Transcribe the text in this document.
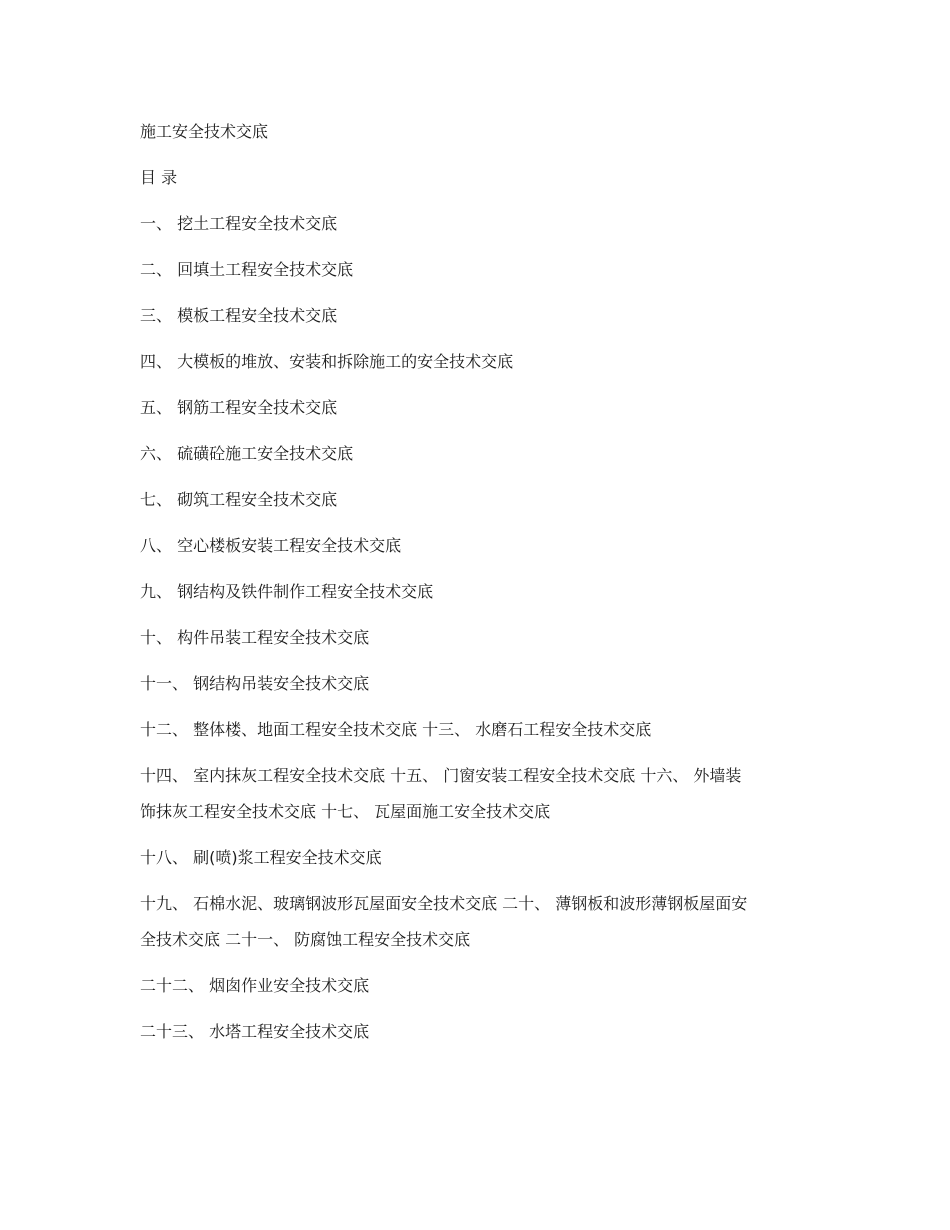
施工安全技术交底

目 录

一、 挖土工程安全技术交底

二、 回填土工程安全技术交底

三、 模板工程安全技术交底

四、 大模板的堆放、安装和拆除施工的安全技术交底

五、 钢筋工程安全技术交底

六、 硫磺砼施工安全技术交底

七、 砌筑工程安全技术交底

八、 空心楼板安装工程安全技术交底

九、 钢结构及铁件制作工程安全技术交底

十、 构件吊装工程安全技术交底

十一、 钢结构吊装安全技术交底

十二、 整体楼、地面工程安全技术交底 十三、 水磨石工程安全技术交底

十四、 室内抹灰工程安全技术交底 十五、 门窗安装工程安全技术交底 十六、 外墙装

饰抹灰工程安全技术交底 十七、 瓦屋面施工安全技术交底

十八、 刷(喷)浆工程安全技术交底

十九、 石棉水泥、玻璃钢波形瓦屋面安全技术交底 二十、 薄钢板和波形薄钢板屋面安

全技术交底 二十一、 防腐蚀工程安全技术交底

二十二、 烟囱作业安全技术交底

二十三、 水塔工程安全技术交底
